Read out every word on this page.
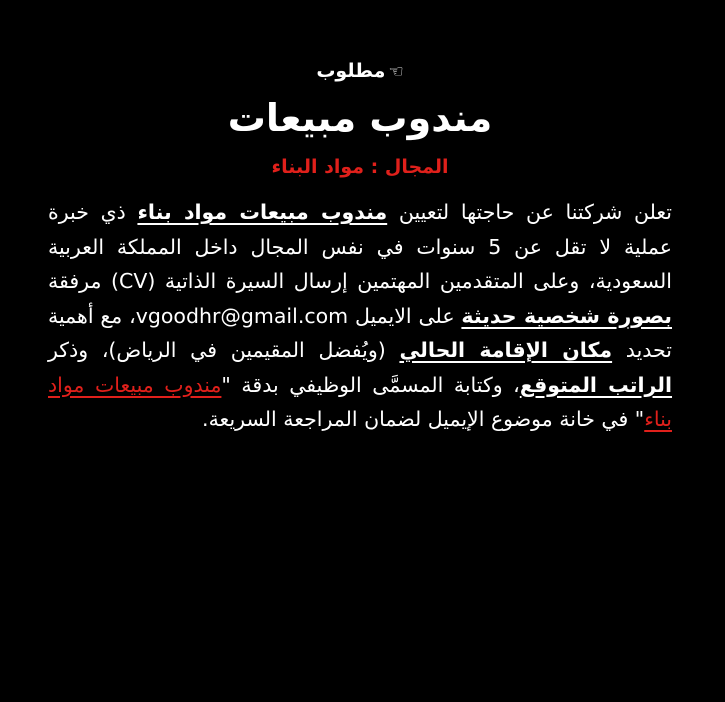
☜مطلوب

مندوب مبيعات

المجال : مواد البناء

تعلن شركتنا عن حاجتها لتعيين مندوب مبيعات مواد بناء ذي خبرة عملية لا تقل عن 5 سنوات في نفس المجال داخل المملكة العربية السعودية، وعلى المتقدمين المهتمين إرسال السيرة الذاتية (CV) مرفقة بصورة شخصية حديثة على الايميل vgoodhr@gmail.com، مع أهمية تحديد مكان الإقامة الحالي (ويُفضل المقيمين في الرياض)، وذكر الراتب المتوقع، وكتابة المسمَّى الوظيفي بدقة "مندوب مبيعات مواد بناء" في خانة موضوع الإيميل لضمان المراجعة السريعة.
